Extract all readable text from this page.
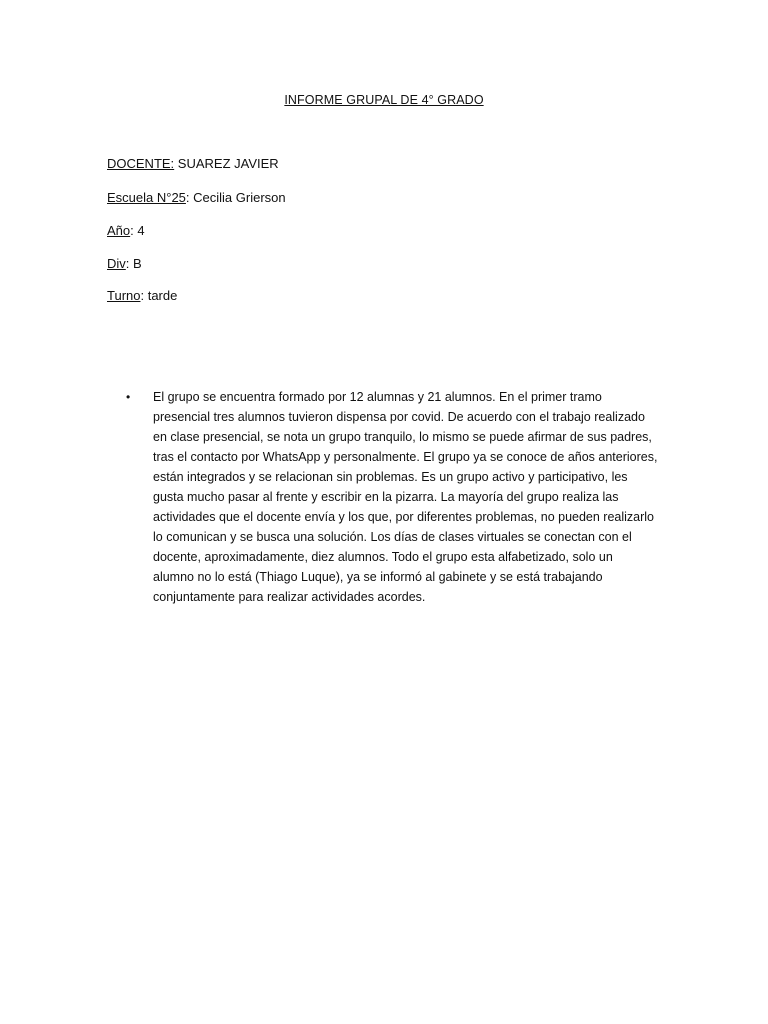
INFORME GRUPAL DE 4° GRADO
DOCENTE: SUAREZ JAVIER
Escuela N°25: Cecilia Grierson
Año: 4
Div: B
Turno: tarde
• El grupo se encuentra formado por 12 alumnas y 21 alumnos. En el primer tramo
presencial tres alumnos tuvieron dispensa por covid. De acuerdo con el trabajo realizado
en clase presencial, se nota un grupo tranquilo, lo mismo se puede afirmar de sus padres,
tras el contacto por WhatsApp y personalmente. El grupo ya se conoce de años anteriores,
están integrados y se relacionan sin problemas. Es un grupo activo y participativo, les
gusta mucho pasar al frente y escribir en la pizarra. La mayoría del grupo realiza las
actividades que el docente envía y los que, por diferentes problemas, no pueden realizarlo
lo comunican y se busca una solución. Los días de clases virtuales se conectan con el
docente, aproximadamente, diez alumnos. Todo el grupo esta alfabetizado, solo un
alumno no lo está (Thiago Luque), ya se informó al gabinete y se está trabajando
conjuntamente para realizar actividades acordes.
